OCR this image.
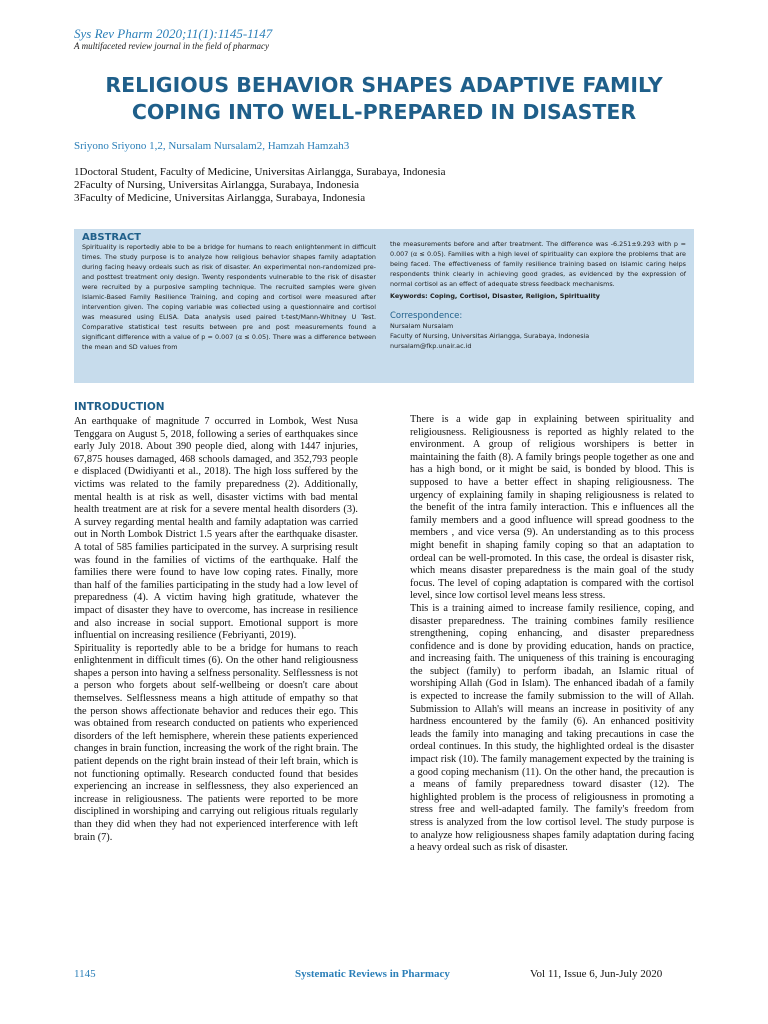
Sys Rev Pharm 2020;11(1):1145-1147
A multifaceted review journal in the field of pharmacy
RELIGIOUS BEHAVIOR SHAPES ADAPTIVE FAMILY
COPING INTO WELL-PREPARED IN DISASTER
Sriyono Sriyono 1,2, Nursalam Nursalam2, Hamzah Hamzah3
1Doctoral Student, Faculty of Medicine, Universitas Airlangga, Surabaya, Indonesia
2Faculty of Nursing, Universitas Airlangga, Surabaya, Indonesia
3Faculty of Medicine, Universitas Airlangga, Surabaya, Indonesia
ABSTRACT
Spirituality is reportedly able to be a bridge for humans to reach enlightenment in difficult times. The study purpose is to analyze how religious behavior shapes family adaptation during facing heavy ordeals such as risk of disaster. An experimental non-randomized pre- and posttest treatment only design. Twenty respondents vulnerable to the risk of disaster were recruited by a purposive sampling technique. The recruited samples were given Islamic-Based Family Resilience Training, and coping and cortisol were measured after intervention given. The coping variable was collected using a questionnaire and cortisol was measured using ELISA. Data analysis used paired t-test/Mann-Whitney U Test. Comparative statistical test results between pre and post measurements found a significant difference with a value of p = 0.007 (α ≤ 0.05). There was a difference between the mean and SD values from
the measurements before and after treatment. The difference was -6.251±9.293 with p = 0.007 (α ≤ 0.05). Families with a high level of spirituality can explore the problems that are being faced. The effectiveness of family resilience training based on Islamic caring helps respondents think clearly in achieving good grades, as evidenced by the expression of normal cortisol as an effect of adequate stress feedback mechanisms.
Keywords: Coping, Cortisol, Disaster, Religion, Spirituality
Correspondence:
Nursalam Nursalam
Faculty of Nursing, Universitas Airlangga, Surabaya, Indonesia
nursalam@fkp.unair.ac.id
INTRODUCTION

An earthquake of magnitude 7 occurred in Lombok, West Nusa Tenggara on August 5, 2018, following a series of earthquakes since early July 2018. About 390 people died, along with 1447 injuries, 67,875 houses damaged, 468 schools damaged, and 352,793 people e displaced (Dwidiyanti et al., 2018). The high loss suffered by the victims was related to the family preparedness (2). Additionally, mental health is at risk as well, disaster victims with bad mental health treatment are at risk for a severe mental health disorders (3). A survey regarding mental health and family adaptation was carried out in North Lombok District 1.5 years after the earthquake disaster. A total of 585 families participated in the survey. A surprising result was found in the families of victims of the earthquake. Half the families there were found to have low coping rates. Finally, more than half of the families participating in the study had a low level of preparedness (4). A victim having high gratitude, whatever the impact of disaster they have to overcome, has increase in resilience and also increase in social support. Emotional support is more influential on increasing resilience (Febriyanti, 2019).

Spirituality is reportedly able to be a bridge for humans to reach enlightenment in difficult times (6). On the other hand religiousness shapes a person into having a selfness personality. Selflessness is not a person who forgets about self-wellbeing or doesn't care about themselves. Selflessness means a high attitude of empathy so that the person shows affectionate behavior and reduces their ego. This was obtained from research conducted on patients who experienced disorders of the left hemisphere, wherein these patients experienced changes in brain function, increasing the work of the right brain. The patient depends on the right brain instead of their left brain, which is not functioning optimally. Research conducted found that besides experiencing an increase in selflessness, they also experienced an increase in religiousness. The patients were reported to be more disciplined in worshiping and carrying out religious rituals regularly than they did when they had not experienced interference with left brain (7).

There is a wide gap in explaining between spirituality and religiousness. Religiousness is reported as highly related to the environment. A group of religious worshipers is better in maintaining the faith (8). A family brings people together as one and has a high bond, or it might be said, is bonded by blood. This is supposed to have a better effect in shaping religiousness. The urgency of explaining family in shaping religiousness is related to the benefit of the intra family interaction. This e influences all the family members and a good influence will spread goodness to the members , and vice versa (9). An understanding as to this process might benefit in shaping family coping so that an adaptation to ordeal can be well-promoted. In this case, the ordeal is disaster risk, which means disaster preparedness is the main goal of the study focus. The level of coping adaptation is compared with the cortisol level, since low cortisol level means less stress.

This is a training aimed to increase family resilience, coping, and disaster preparedness. The training combines family resilience strengthening, coping enhancing, and disaster preparedness confidence and is done by providing education, hands on practice, and increasing faith. The uniqueness of this training is encouraging the subject (family) to perform ibadah, an Islamic ritual of worshiping Allah (God in Islam). The enhanced ibadah of a family is expected to increase the family submission to the will of Allah. Submission to Allah's will means an increase in positivity of any hardness encountered by the family (6). An enhanced positivity leads the family into managing and taking precautions in case the ordeal continues. In this study, the highlighted ordeal is the disaster impact risk (10). The family management expected by the training is a good coping mechanism (11). On the other hand, the precaution is a means of family preparedness toward disaster (12). The highlighted problem is the process of religiousness in promoting a stress free and well-adapted family. The family's freedom from stress is analyzed from the low cortisol level. The study purpose is to analyze how religiousness shapes family adaptation during facing a heavy ordeal such as risk of disaster.

1145	Systematic Reviews in Pharmacy	Vol 11, Issue 6, Jun-July 2020
